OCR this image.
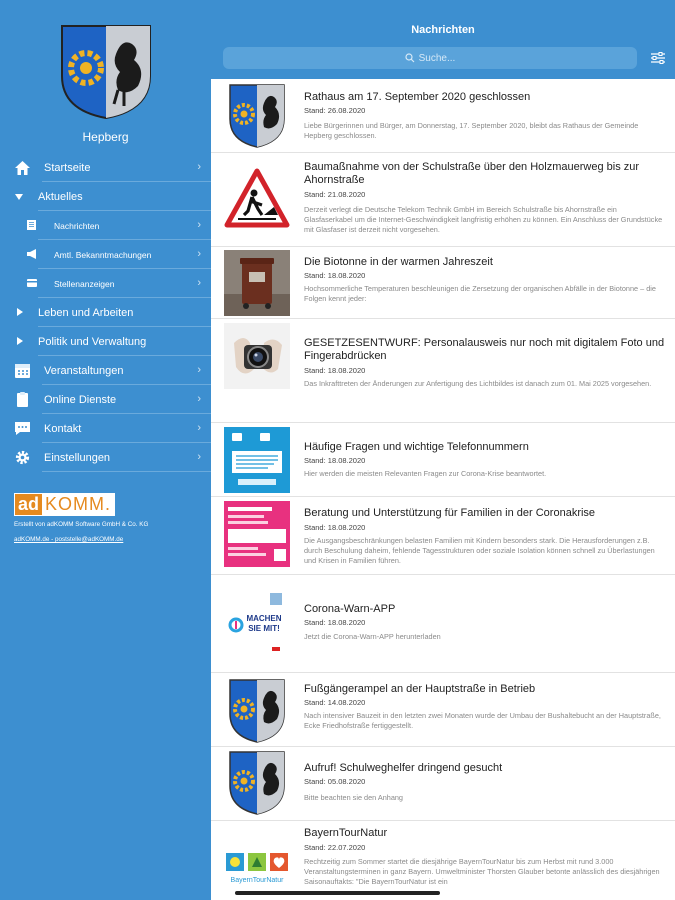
Hepberg
Startseite	›
Aktuelles
Nachrichten	›
Amtl. Bekanntmachungen	›
Stellenanzeigen	›
Leben und Arbeiten
Politik und Verwaltung
Veranstaltungen	›
Online Dienste	›
Kontakt	›
Einstellungen	›
ad KOMM.
Erstellt von adKOMM Software GmbH & Co. KG
adKOMM.de - poststelle@adKOMM.de
Nachrichten
Suche...
Rathaus am 17. September 2020 geschlossen
Stand: 26.08.2020
Liebe Bürgerinnen und Bürger, am Donnerstag, 17. September 2020, bleibt das Rathaus der Gemeinde Hepberg geschlossen.
Baumaßnahme von der Schulstraße über den Holzmauerweg bis zur Ahornstraße
Stand: 21.08.2020
Derzeit verlegt die Deutsche Telekom Technik GmbH im Bereich Schulstraße bis Ahornstraße ein Glasfaserkabel um die Internet-Geschwindigkeit langfristig erhöhen zu können. Ein Anschluss der Grundstücke mit Glasfaser ist derzeit nicht vorgesehen.
Die Biotonne in der warmen Jahreszeit
Stand: 18.08.2020
Hochsommerliche Temperaturen beschleunigen die Zersetzung der organischen Abfälle in der Biotonne – die Folgen kennt jeder:
GESETZESENTWURF: Personalausweis nur noch mit digitalem Foto und Fingerabdrücken
Stand: 18.08.2020
Das Inkrafttreten der Änderungen zur Anfertigung des Lichtbildes ist danach zum 01. Mai 2025 vorgesehen.
Häufige Fragen und wichtige Telefonnummern
Stand: 18.08.2020
Hier werden die meisten Relevanten Fragen zur Corona-Krise beantwortet.
Beratung und Unterstützung für Familien in der Coronakrise
Stand: 18.08.2020
Die Ausgangsbeschränkungen belasten Familien mit Kindern besonders stark. Die Herausforderungen z.B. durch Beschulung daheim, fehlende Tagesstrukturen oder soziale Isolation können schnell zu Überlastungen und Krisen in Familien führen.
MACHEN
SIE MIT!
Corona-Warn-APP
Stand: 18.08.2020
Jetzt die Corona-Warn-APP herunterladen
Fußgängerampel an der Hauptstraße in Betrieb
Stand: 14.08.2020
Nach intensiver Bauzeit in den letzten zwei Monaten wurde der Umbau der Bushaltebucht an der Hauptstraße, Ecke Friedhofstraße fertiggestellt.
Aufruf! Schulweghelfer dringend gesucht
Stand: 05.08.2020
Bitte beachten sie den Anhang
BayernTourNatur
BayernTourNatur
Stand: 22.07.2020
Rechtzeitig zum Sommer startet die diesjährige BayernTourNatur bis zum Herbst mit rund 3.000 Veranstaltungsterminen in ganz Bayern. Umweltminister Thorsten Glauber betonte anlässlich des diesjährigen Saisonauftakts: "Die BayernTourNatur ist ein
